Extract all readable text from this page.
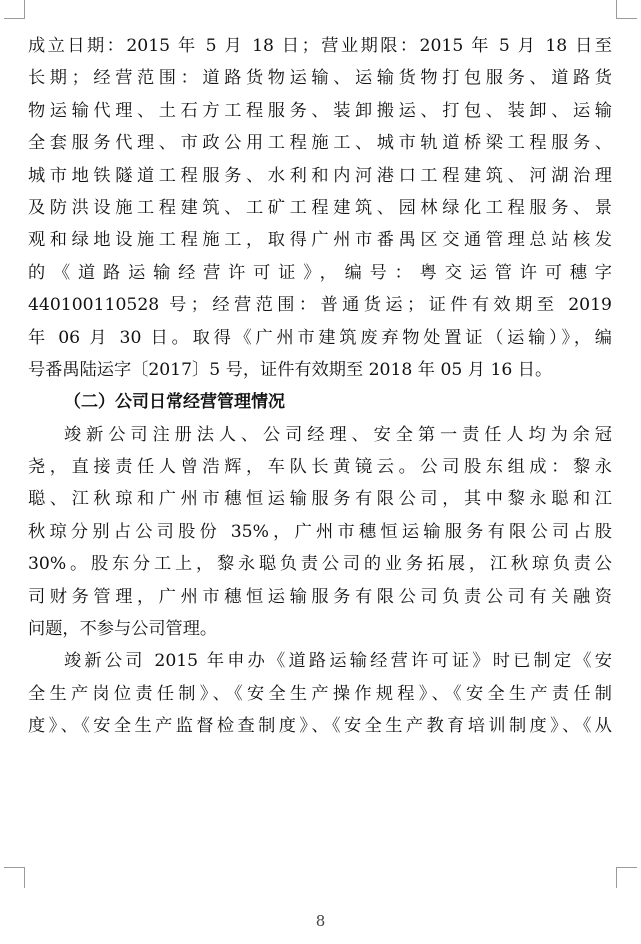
成立日期：2015 年 5 月 18 日；营业期限：2015 年 5 月 18 日至
长期；经营范围：道路货物运输、运输货物打包服务、道路货
物运输代理、土石方工程服务、装卸搬运、打包、装卸、运输
全套服务代理、市政公用工程施工、城市轨道桥梁工程服务、
城市地铁隧道工程服务、水利和内河港口工程建筑、河湖治理
及防洪设施工程建筑、工矿工程建筑、园林绿化工程服务、景
观和绿地设施工程施工，取得广州市番禺区交通管理总站核发
的《道路运输经营许可证》，编号：粤交运管许可穗字
440100110528 号；经营范围：普通货运；证件有效期至 2019
年 06 月 30 日。取得《广州市建筑废弃物处置证（运输）》，编
号番禺陆运字〔2017〕5 号，证件有效期至 2018 年 05 月 16 日。
（二）公司日常经营管理情况
竣新公司注册法人、公司经理、安全第一责任人均为余冠
尧，直接责任人曾浩辉，车队长黄镜云。公司股东组成：黎永
聪、江秋琼和广州市穗恒运输服务有限公司，其中黎永聪和江
秋琼分别占公司股份 35%，广州市穗恒运输服务有限公司占股
30%。股东分工上，黎永聪负责公司的业务拓展，江秋琼负责公
司财务管理，广州市穗恒运输服务有限公司负责公司有关融资
问题，不参与公司管理。
竣新公司 2015 年申办《道路运输经营许可证》时已制定《安
全生产岗位责任制》、《安全生产操作规程》、《安全生产责任制
度》、《安全生产监督检查制度》、《安全生产教育培训制度》、《从
8
